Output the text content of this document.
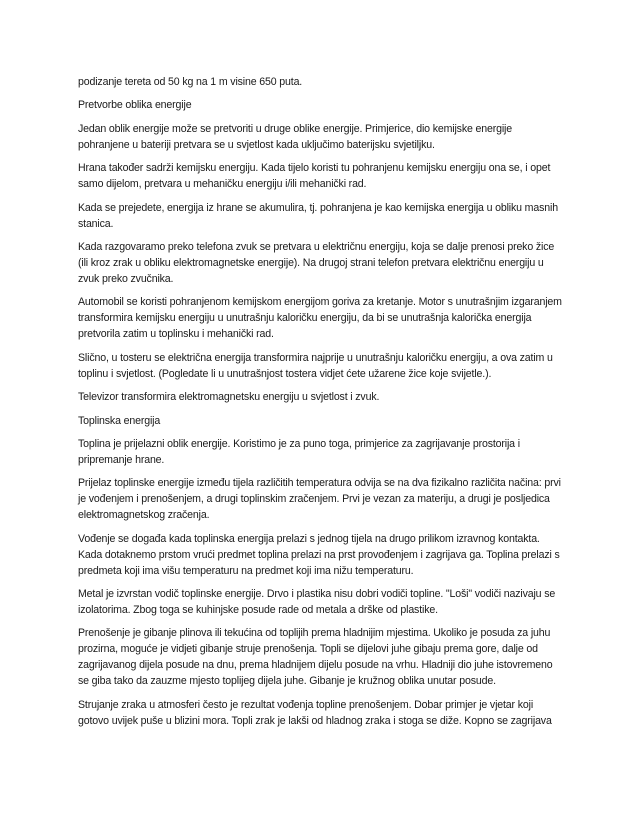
podizanje tereta od 50 kg na 1 m visine 650 puta.

Pretvorbe oblika energije

Jedan oblik energije može se pretvoriti u druge oblike energije. Primjerice, dio kemijske energije pohranjene u bateriji pretvara se u svjetlost kada uključimo baterijsku svjetiljku.

Hrana također sadrži kemijsku energiju. Kada tijelo koristi tu pohranjenu kemijsku energiju ona se, i opet samo dijelom, pretvara u mehaničku energiju i/ili mehanički rad.

Kada se prejedete, energija iz hrane se akumulira, tj. pohranjena je kao kemijska energija u obliku masnih stanica.

Kada razgovaramo preko telefona zvuk se pretvara u električnu energiju, koja se dalje prenosi preko žice (ili kroz zrak u obliku elektromagnetske energije). Na drugoj strani telefon pretvara električnu energiju u zvuk preko zvučnika.

Automobil se koristi pohranjenom kemijskom energijom goriva za kretanje. Motor s unutrašnjim izgaranjem transformira kemijsku energiju u unutrašnju kaloričku energiju, da bi se unutrašnja kalorička energija pretvorila zatim u toplinsku i mehanički rad.

Slično, u tosteru se električna energija transformira najprije u unutrašnju kaloričku energiju, a ova zatim u toplinu i svjetlost. (Pogledate li u unutrašnjost tostera vidjet ćete užarene žice koje svijetle.).

Televizor transformira elektromagnetsku energiju u svjetlost i zvuk.

Toplinska energija

Toplina je prijelazni oblik energije. Koristimo je za puno toga, primjerice za zagrijavanje prostorija i pripremanje hrane.

Prijelaz toplinske energije između tijela različitih temperatura odvija se na dva fizikalno različita načina: prvi je vođenjem i prenošenjem, a drugi toplinskim zračenjem. Prvi je vezan za materiju, a drugi je posljedica elektromagnetskog zračenja.

Vođenje se događa kada toplinska energija prelazi s jednog tijela na drugo prilikom izravnog kontakta. Kada dotaknemo prstom vrući predmet toplina prelazi na prst provođenjem i zagrijava ga. Toplina prelazi s predmeta koji ima višu temperaturu na predmet koji ima nižu temperaturu.

Metal je izvrstan vodič toplinske energije. Drvo i plastika nisu dobri vodiči topline. "Loši" vodiči nazivaju se izolatorima. Zbog toga se kuhinjske posude rade od metala a drške od plastike.

Prenošenje je gibanje plinova ili tekućina od toplijih prema hladnijim mjestima. Ukoliko je posuda za juhu prozirna, moguće je vidjeti gibanje struje prenošenja. Topli se dijelovi juhe gibaju prema gore, dalje od zagrijavanog dijela posude na dnu, prema hladnijem dijelu posude na vrhu. Hladniji dio juhe istovremeno se giba tako da zauzme mjesto toplijeg dijela juhe. Gibanje je kružnog oblika unutar posude.

Strujanje zraka u atmosferi često je rezultat vođenja topline prenošenjem. Dobar primjer je vjetar koji gotovo uvijek puše u blizini mora. Topli zrak je lakši od hladnog zraka i stoga se diže. Kopno se zagrijava
